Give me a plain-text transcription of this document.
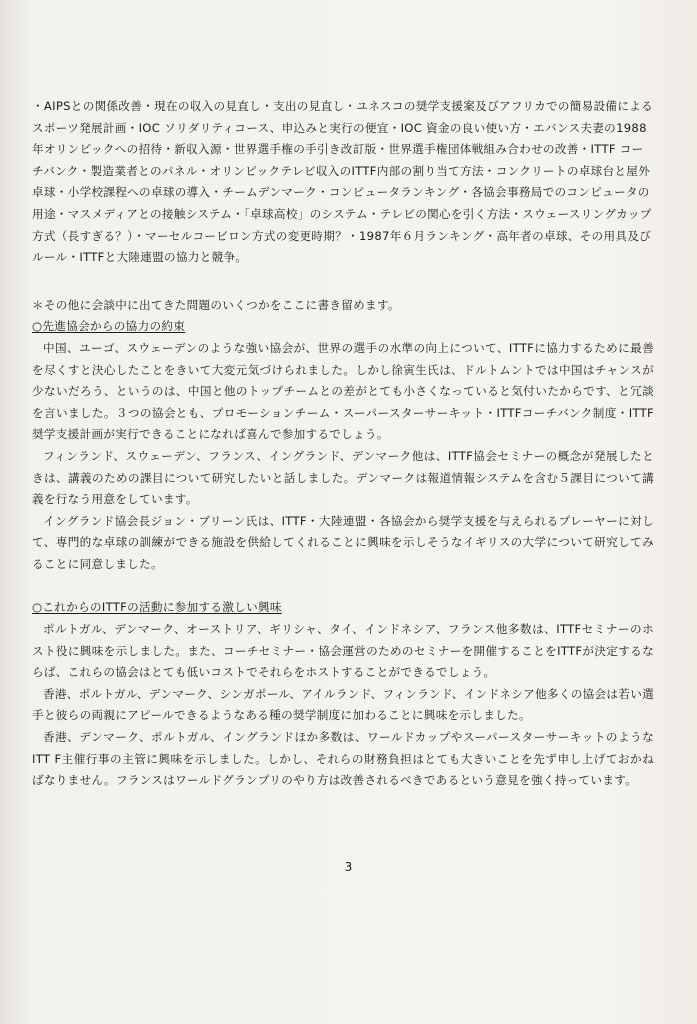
・AIPSとの関係改善・現在の収入の見直し・支出の見直し・ユネスコの奨学支援案及びアフリカでの簡易設備によるスポーツ発展計画・IOC ソリダリティコース、申込みと実行の便宜・IOC 資金の良い使い方・エバンス夫妻の1988年オリンピックへの招待・新収入源・世界選手権の手引き改訂版・世界選手権団体戦組み合わせの改善・ITTF コーチバンク・製造業者とのパネル・オリンピックテレビ収入のITTF内部の割り当て方法・コンクリートの卓球台と屋外卓球・小学校課程への卓球の導入・チームデンマーク・コンピュータランキング・各協会事務局でのコンピュータの用途・マスメディアとの接触システム・「卓球高校」のシステム・テレビの関心を引く方法・スウェースリングカップ方式（長すぎる？）・マーセルコービロン方式の変更時期？・1987年６月ランキング・高年者の卓球、その用具及びルール・ITTFと大陸連盟の協力と競争。

＊その他に会談中に出てきた問題のいくつかをここに書き留めます。

○先進協会からの協力の約束

中国、ユーゴ、スウェーデンのような強い協会が、世界の選手の水準の向上について、ITTFに協力するために最善を尽くすと決心したことをきいて大変元気づけられました。しかし徐寅生氏は、ドルトムントでは中国はチャンスが少ないだろう、というのは、中国と他のトップチームとの差がとても小さくなっていると気付いたからです、と冗談を言いました。３つの協会とも、プロモーションチーム・スーパースターサーキット・ITTFコーチバンク制度・ITTF奨学支援計画が実行できることになれば喜んで参加するでしょう。

フィンランド、スウェーデン、フランス、イングランド、デンマーク他は、ITTF協会セミナーの概念が発展したときは、講義のための課目について研究したいと話しました。デンマークは報道情報システムを含む５課目について講義を行なう用意をしています。

イングランド協会長ジョン・ブリーン氏は、ITTF・大陸連盟・各協会から奨学支援を与えられるプレーヤーに対して、専門的な卓球の訓練ができる施設を供給してくれることに興味を示しそうなイギリスの大学について研究してみることに同意しました。

○これからのITTFの活動に参加する激しい興味

ポルトガル、デンマーク、オーストリア、ギリシャ、タイ、インドネシア、フランス他多数は、ITTFセミナーのホスト役に興味を示しました。また、コーチセミナー・協会運営のためのセミナーを開催することをITTFが決定するならば、これらの協会はとても低いコストでそれらをホストすることができるでしょう。

香港、ポルトガル、デンマーク、シンガポール、アイルランド、フィンランド、インドネシア他多くの協会は若い選手と彼らの両親にアピールできるようなある種の奨学制度に加わることに興味を示しました。

香港、デンマーク、ポルトガル、イングランドほか多数は、ワールドカップやスーパースターサーキットのようなITT F主催行事の主管に興味を示しました。しかし、それらの財務負担はとても大きいことを先ず申し上げておかねばなりません。フランスはワールドグランプリのやり方は改善されるべきであるという意見を強く持っています。

3
